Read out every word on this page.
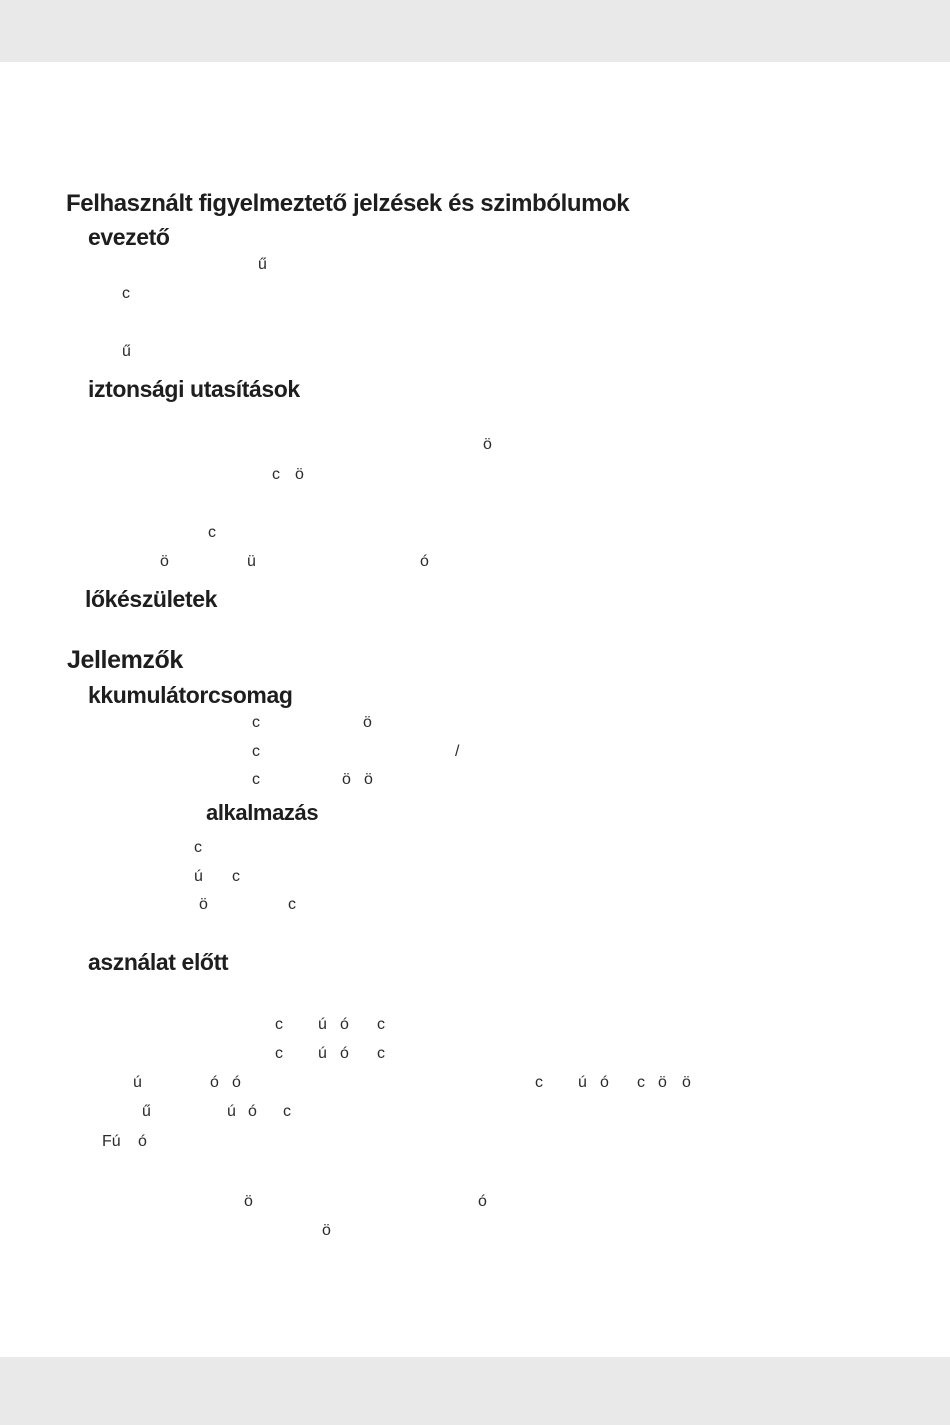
Felhasznált figyelmeztető jelzések és szimbólumok
evezető
iztonsági utasítások
lőkészületek
Jellemzők
kkumulátorcsomag
alkalmazás
asználat előtt
ű
c
ű
ö
c ö
c
ö	ü	ó
c	ö
c	/
c	ö ö
c
ú c
ö	c
c ú ó c
c ú ó c
ú	ó ó	c ú ó c ö ö
ű	ú ó c
Fú ó
ö	ó
ö
